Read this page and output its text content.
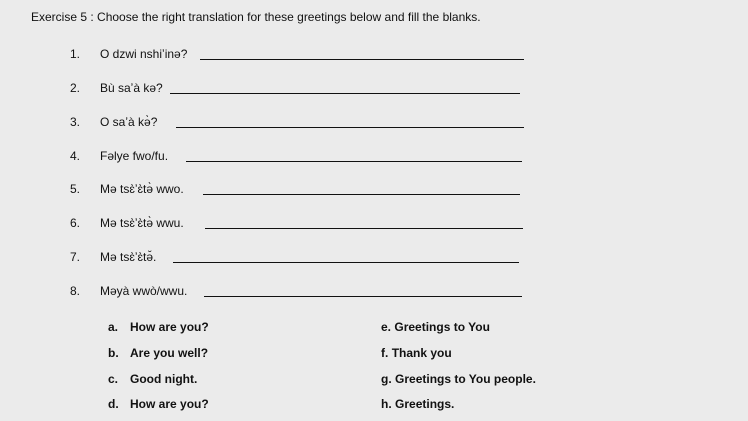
Exercise 5 : Choose the right translation for these greetings below and fill the blanks.
1. O dzwi nshiʼinə?
2. Bù saʼà kə?
3. O saʼà kə̀?
4. Fəlye fwo/fu.
5. Mə tsɛ̀ʼɛ̀tə̀ wwo.
6. Mə tsɛ̀ʼɛ̀tə̀ wwu.
7. Mə tsɛ̀ʼɛ̀tə̆.
8. Məyà wwò/wwu.
a. How are you?
b. Are you well?
c. Good night.
d. How are you?
e. Greetings to You
f. Thank you
g. Greetings to You people.
h. Greetings.
